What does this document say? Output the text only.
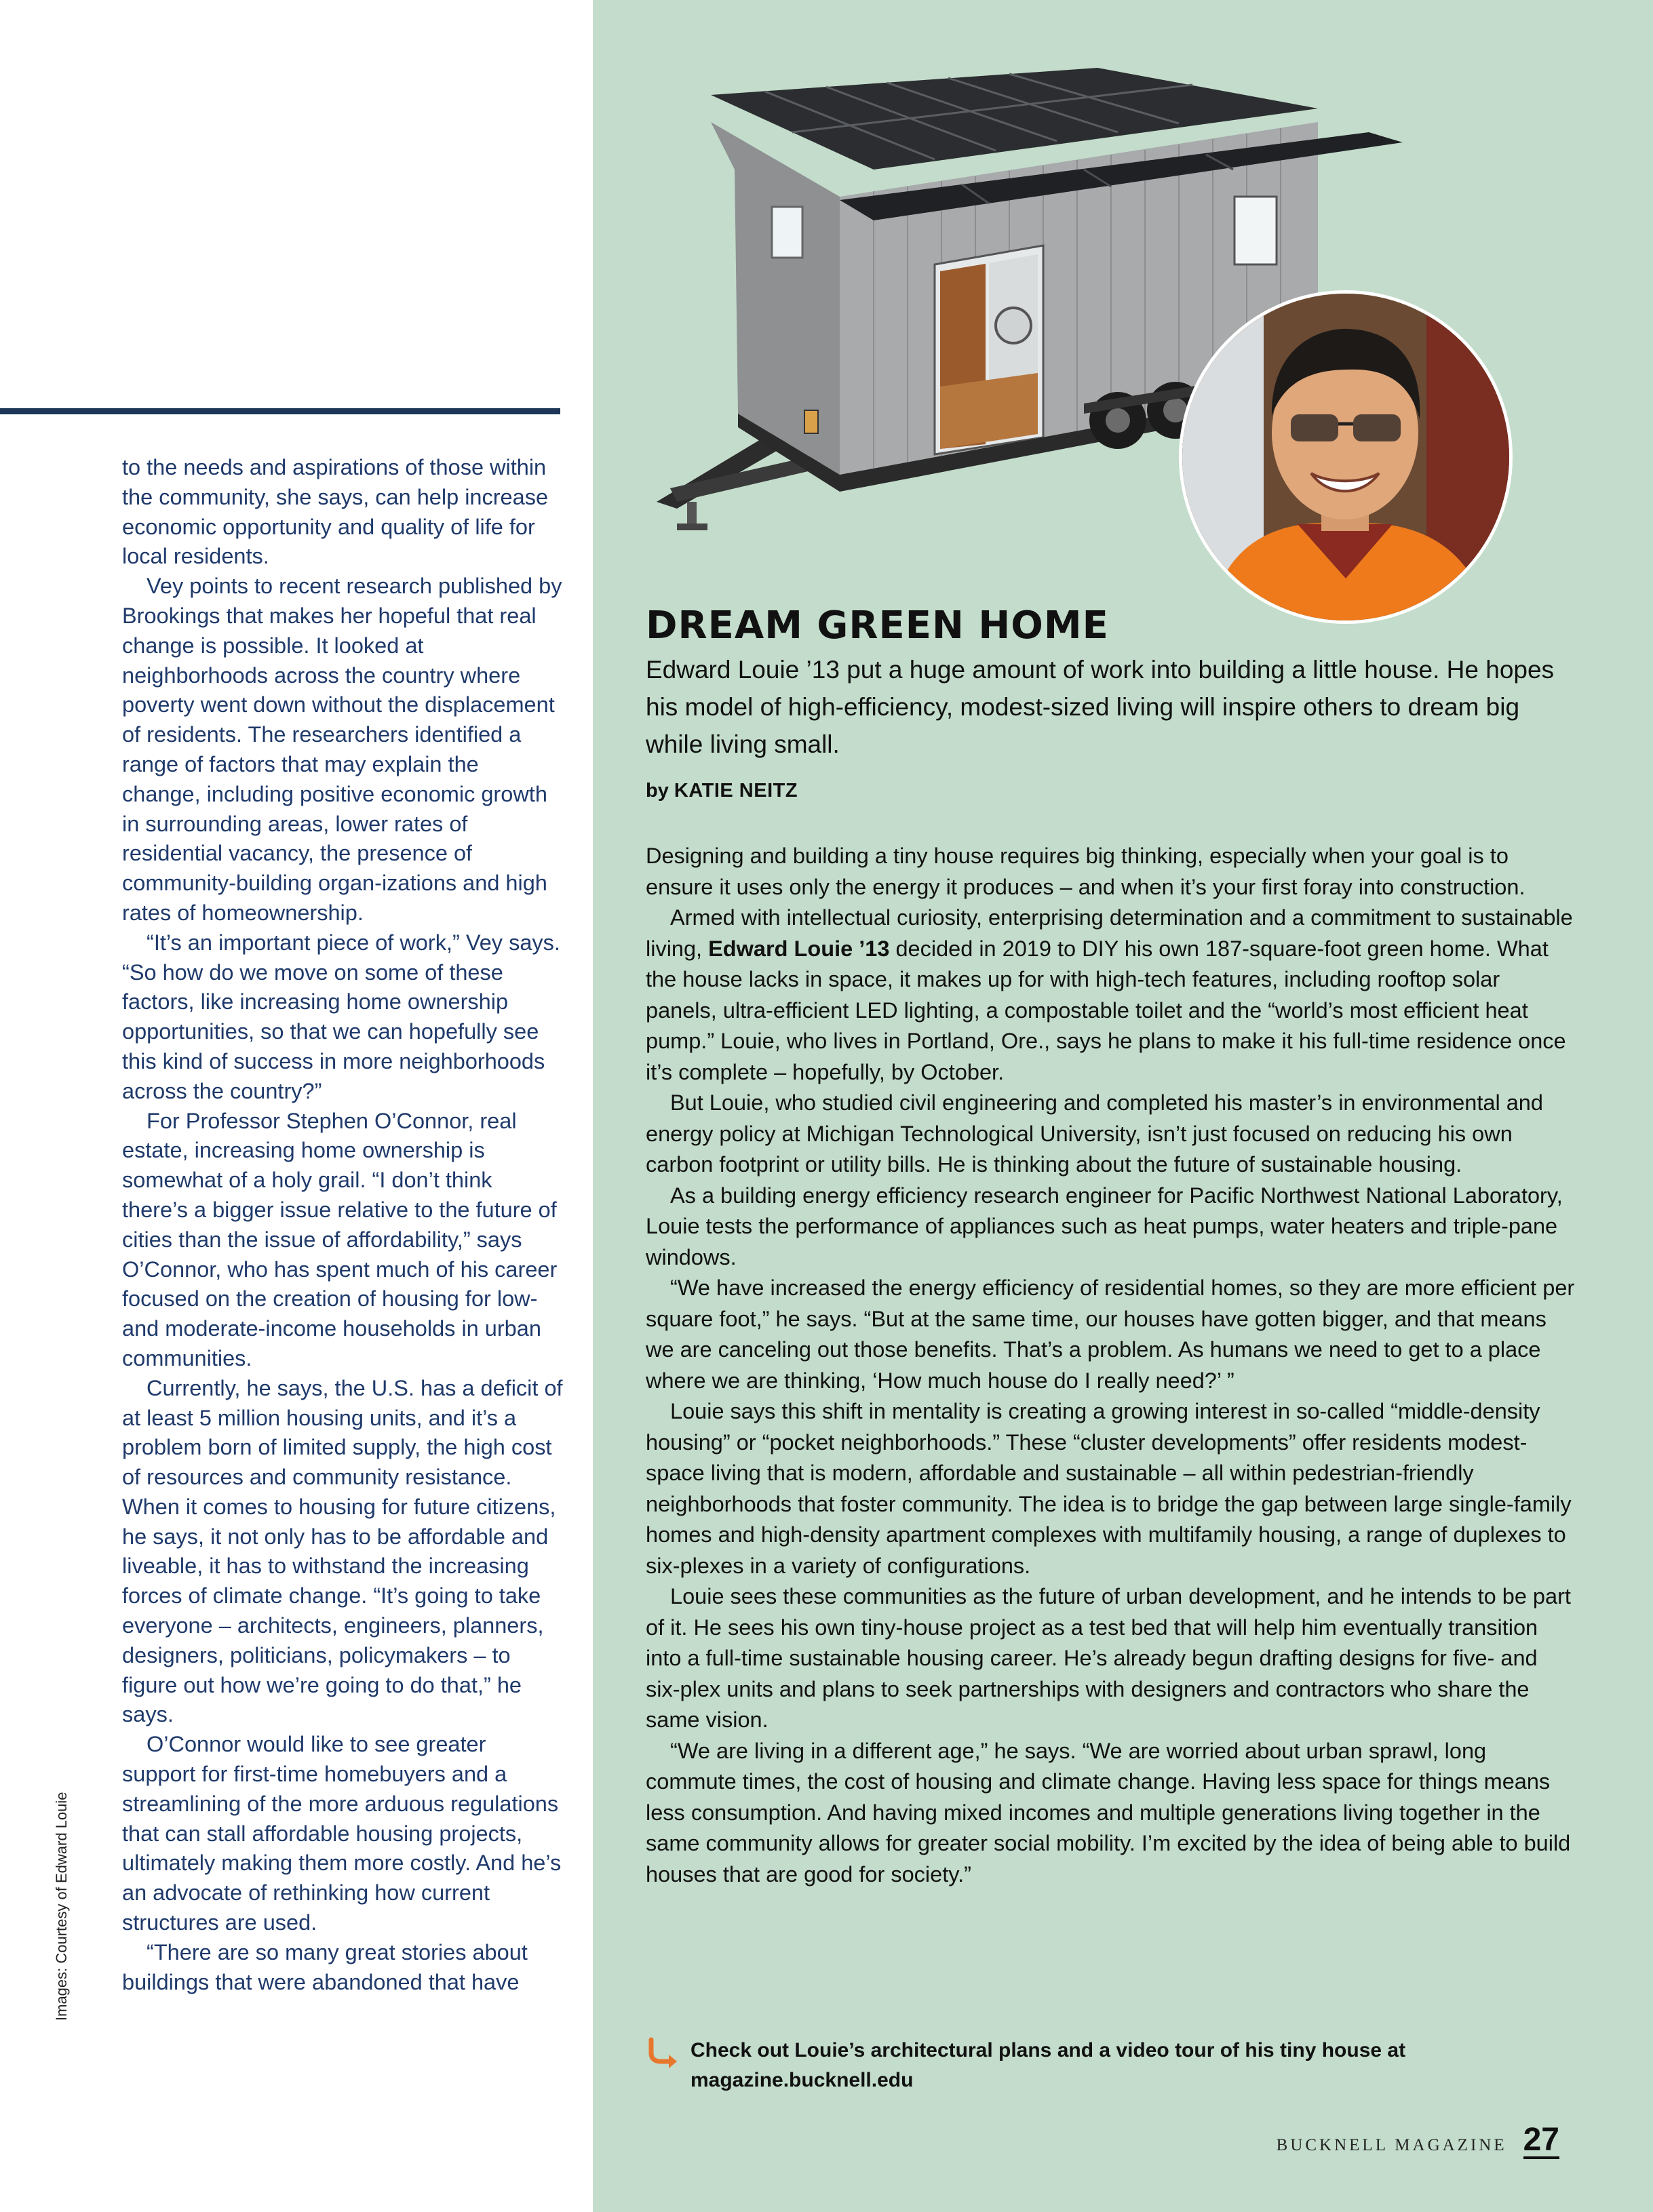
to the needs and aspirations of those within the community, she says, can help increase economic opportunity and quality of life for local residents.

Vey points to recent research published by Brookings that makes her hopeful that real change is possible. It looked at neighborhoods across the country where poverty went down without the displacement of residents. The researchers identified a range of factors that may explain the change, including positive economic growth in surrounding areas, lower rates of residential vacancy, the presence of community-building organ-izations and high rates of homeownership.

“It’s an important piece of work,” Vey says. “So how do we move on some of these factors, like increasing home ownership opportunities, so that we can hopefully see this kind of success in more neighborhoods across the country?”

For Professor Stephen O’Connor, real estate, increasing home ownership is somewhat of a holy grail. “I don’t think there’s a bigger issue relative to the future of cities than the issue of affordability,” says O’Connor, who has spent much of his career focused on the creation of housing for low- and moderate-income households in urban communities.

Currently, he says, the U.S. has a deficit of at least 5 million housing units, and it’s a problem born of limited supply, the high cost of resources and community resistance. When it comes to housing for future citizens, he says, it not only has to be affordable and liveable, it has to withstand the increasing forces of climate change. “It’s going to take everyone – architects, engineers, planners, designers, politicians, policymakers – to figure out how we’re going to do that,” he says.

O’Connor would like to see greater support for first-time homebuyers and a streamlining of the more arduous regulations that can stall affordable housing projects, ultimately making them more costly. And he’s an advocate of rethinking how current structures are used.

“There are so many great stories about buildings that were abandoned that have

Images: Courtesy of Edward Louie
DREAM GREEN HOME

Edward Louie ’13 put a huge amount of work into building a little house. He hopes his model of high-efficiency, modest-sized living will inspire others to dream big while living small.

by KATIE NEITZ

Designing and building a tiny house requires big thinking, especially when your goal is to ensure it uses only the energy it produces – and when it’s your first foray into construction.

Armed with intellectual curiosity, enterprising determination and a commitment to sustainable living, Edward Louie ’13 decided in 2019 to DIY his own 187-square-foot green home. What the house lacks in space, it makes up for with high-tech features, including rooftop solar panels, ultra-efficient LED lighting, a compostable toilet and the “world’s most efficient heat pump.” Louie, who lives in Portland, Ore., says he plans to make it his full-time residence once it’s complete – hopefully, by October.

But Louie, who studied civil engineering and completed his master’s in environmental and energy policy at Michigan Technological University, isn’t just focused on reducing his own carbon footprint or utility bills. He is thinking about the future of sustainable housing.

As a building energy efficiency research engineer for Pacific Northwest National Laboratory, Louie tests the performance of appliances such as heat pumps, water heaters and triple-pane windows.

“We have increased the energy efficiency of residential homes, so they are more efficient per square foot,” he says. “But at the same time, our houses have gotten bigger, and that means we are canceling out those benefits. That’s a problem. As humans we need to get to a place where we are thinking, ‘How much house do I really need?’ ”

Louie says this shift in mentality is creating a growing interest in so-called “middle-density housing” or “pocket neighborhoods.” These “cluster developments” offer residents modest-space living that is modern, affordable and sustainable – all within pedestrian-friendly neighborhoods that foster community. The idea is to bridge the gap between large single-family homes and high-density apartment complexes with multifamily housing, a range of duplexes to six-plexes in a variety of configurations.

Louie sees these communities as the future of urban development, and he intends to be part of it. He sees his own tiny-house project as a test bed that will help him eventually transition into a full-time sustainable housing career. He’s already begun drafting designs for five- and six-plex units and plans to seek partnerships with designers and contractors who share the same vision.

“We are living in a different age,” he says. “We are worried about urban sprawl, long commute times, the cost of housing and climate change. Having less space for things means less consumption. And having mixed incomes and multiple generations living together in the same community allows for greater social mobility. I’m excited by the idea of being able to build houses that are good for society.”

Check out Louie’s architectural plans and a video tour of his tiny house at
magazine.bucknell.edu
BUCKNELL MAGAZINE 27
